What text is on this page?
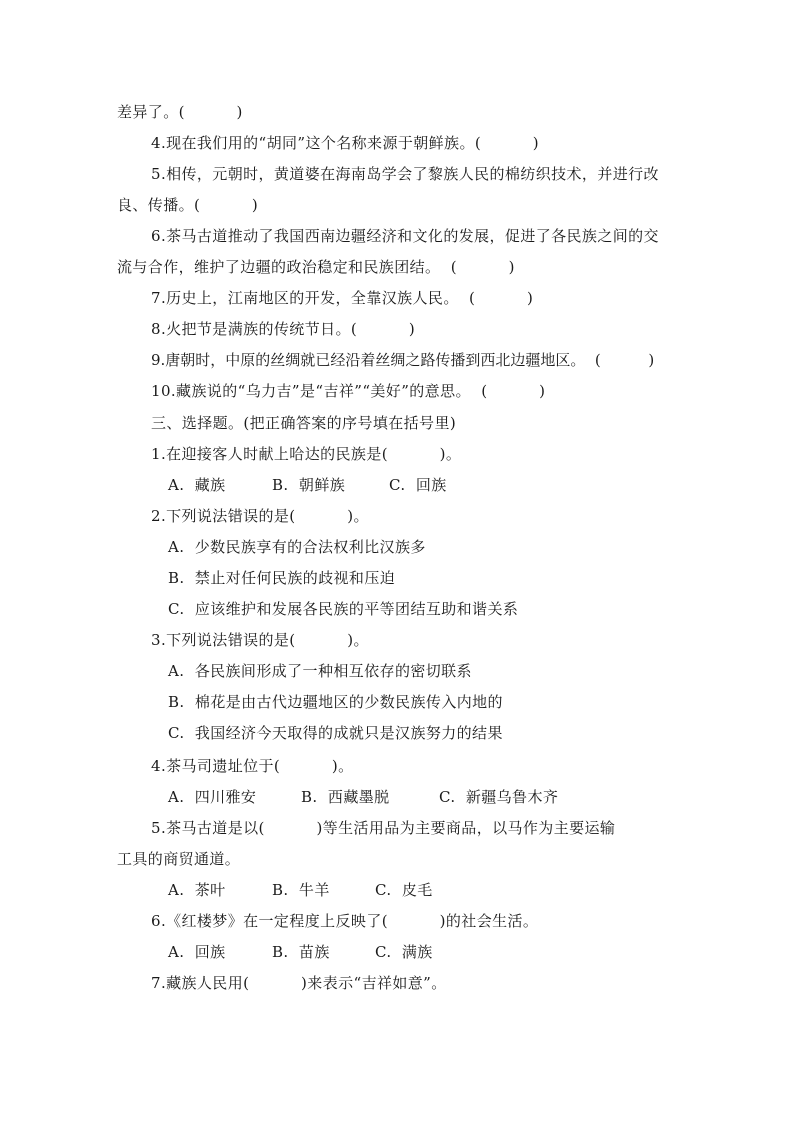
差异了。(          )
4.现在我们用的“胡同”这个名称来源于朝鲜族。(          )
5.相传，元朝时，黄道婆在海南岛学会了黎族人民的棉纺织技术，并进行改
良、传播。(          )
6.茶马古道推动了我国西南边疆经济和文化的发展，促进了各民族之间的交
流与合作，维护了边疆的政治稳定和民族团结。  (          )
7.历史上，江南地区的开发，全靠汉族人民。  (          )
8.火把节是满族的传统节日。(          )
9.唐朝时，中原的丝绸就已经沿着丝绸之路传播到西北边疆地区。  (          )
10.藏族说的“乌力吉”是“吉祥”“美好”的意思。  (          )
三、选择题。(把正确答案的序号填在括号里)
1.在迎接客人时献上哈达的民族是(          )。
A.  藏族	B.  朝鲜族	C.  回族
2.下列说法错误的是(          )。
A.  少数民族享有的合法权利比汉族多
B.  禁止对任何民族的歧视和压迫
C.  应该维护和发展各民族的平等团结互助和谐关系
3.下列说法错误的是(          )。
A.  各民族间形成了一种相互依存的密切联系
B.  棉花是由古代边疆地区的少数民族传入内地的
C.  我国经济今天取得的成就只是汉族努力的结果
4.茶马司遗址位于(          )。
A.  四川雅安	B.  西藏墨脱	C.  新疆乌鲁木齐
5.茶马古道是以(          )等生活用品为主要商品，以马作为主要运输
工具的商贸通道。
A.  茶叶	B.  牛羊	C.  皮毛
6.《红楼梦》在一定程度上反映了(          )的社会生活。
A.  回族	B.  苗族	C.  满族
7.藏族人民用(          )来表示“吉祥如意”。
